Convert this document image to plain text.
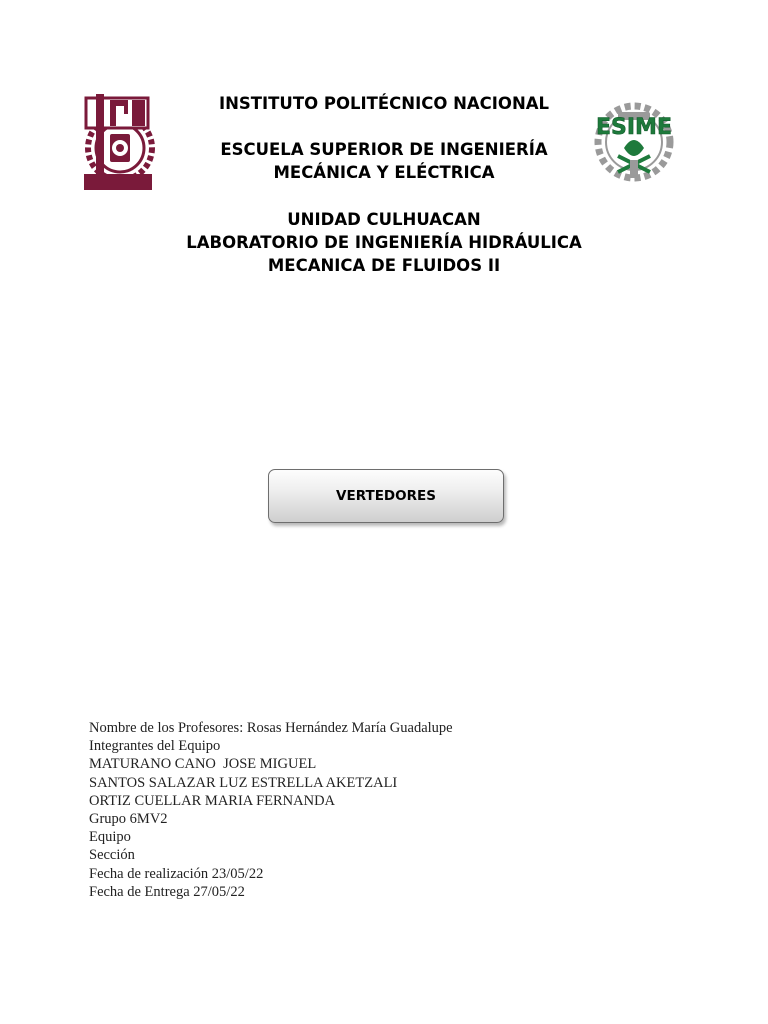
ESIME
INSTITUTO POLITÉCNICO NACIONAL
ESCUELA SUPERIOR DE INGENIERÍA
MECÁNICA Y ELÉCTRICA
UNIDAD CULHUACAN
LABORATORIO DE INGENIERÍA HIDRÁULICA
MECANICA DE FLUIDOS II
VERTEDORES
Nombre de los Profesores: Rosas Hernández María Guadalupe
Integrantes del Equipo
MATURANO CANO  JOSE MIGUEL
SANTOS SALAZAR LUZ ESTRELLA AKETZALI
ORTIZ CUELLAR MARIA FERNANDA
Grupo 6MV2
Equipo
Sección
Fecha de realización 23/05/22
Fecha de Entrega 27/05/22
